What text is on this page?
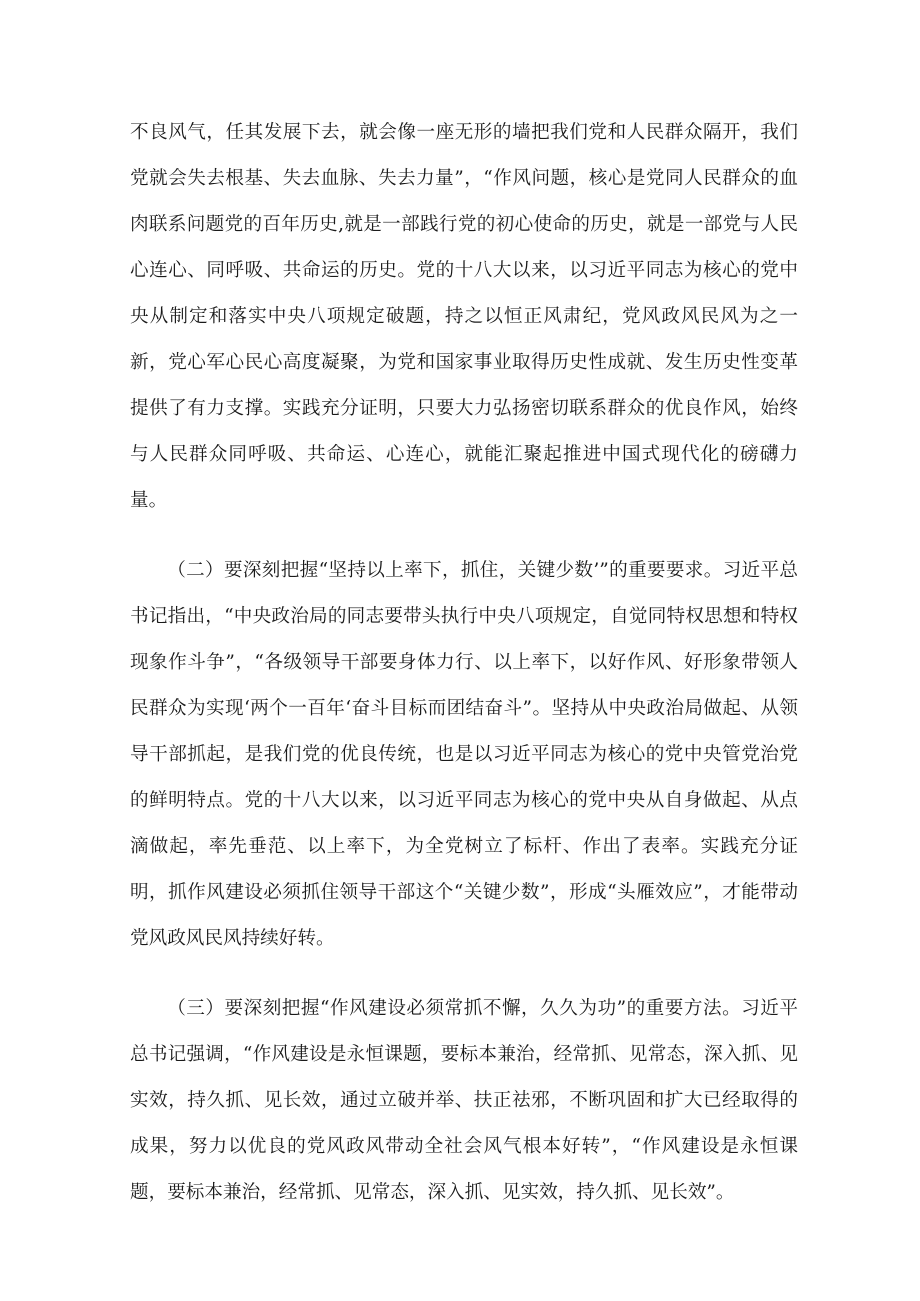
不良风气，任其发展下去，就会像一座无形的墙把我们党和人民群众隔开，我们党就会失去根基、失去血脉、失去力量”，“作风问题，核心是党同人民群众的血肉联系问题党的百年历史,就是一部践行党的初心使命的历史，就是一部党与人民心连心、同呼吸、共命运的历史。党的十八大以来，以习近平同志为核心的党中央从制定和落实中央八项规定破题，持之以恒正风肃纪，党风政风民风为之一新，党心军心民心高度凝聚，为党和国家事业取得历史性成就、发生历史性变革提供了有力支撑。实践充分证明，只要大力弘扬密切联系群众的优良作风，始终与人民群众同呼吸、共命运、心连心，就能汇聚起推进中国式现代化的磅礴力量。

（二）要深刻把握“坚持以上率下，抓住，关键少数’”的重要要求。习近平总书记指出，“中央政治局的同志要带头执行中央八项规定，自觉同特权思想和特权现象作斗争”，“各级领导干部要身体力行、以上率下，以好作风、好形象带领人民群众为实现‘两个一百年‘奋斗目标而团结奋斗”。坚持从中央政治局做起、从领导干部抓起，是我们党的优良传统，也是以习近平同志为核心的党中央管党治党的鲜明特点。党的十八大以来，以习近平同志为核心的党中央从自身做起、从点滴做起，率先垂范、以上率下，为全党树立了标杆、作出了表率。实践充分证明，抓作风建设必须抓住领导干部这个“关键少数”，形成“头雁效应”，才能带动党风政风民风持续好转。

（三）要深刻把握“作风建设必须常抓不懈，久久为功”的重要方法。习近平总书记强调，“作风建设是永恒课题，要标本兼治，经常抓、见常态，深入抓、见实效，持久抓、见长效，通过立破并举、扶正祛邪，不断巩固和扩大已经取得的成果，努力以优良的党风政风带动全社会风气根本好转”，“作风建设是永恒课题，要标本兼治，经常抓、见常态，深入抓、见实效，持久抓、见长效”。
